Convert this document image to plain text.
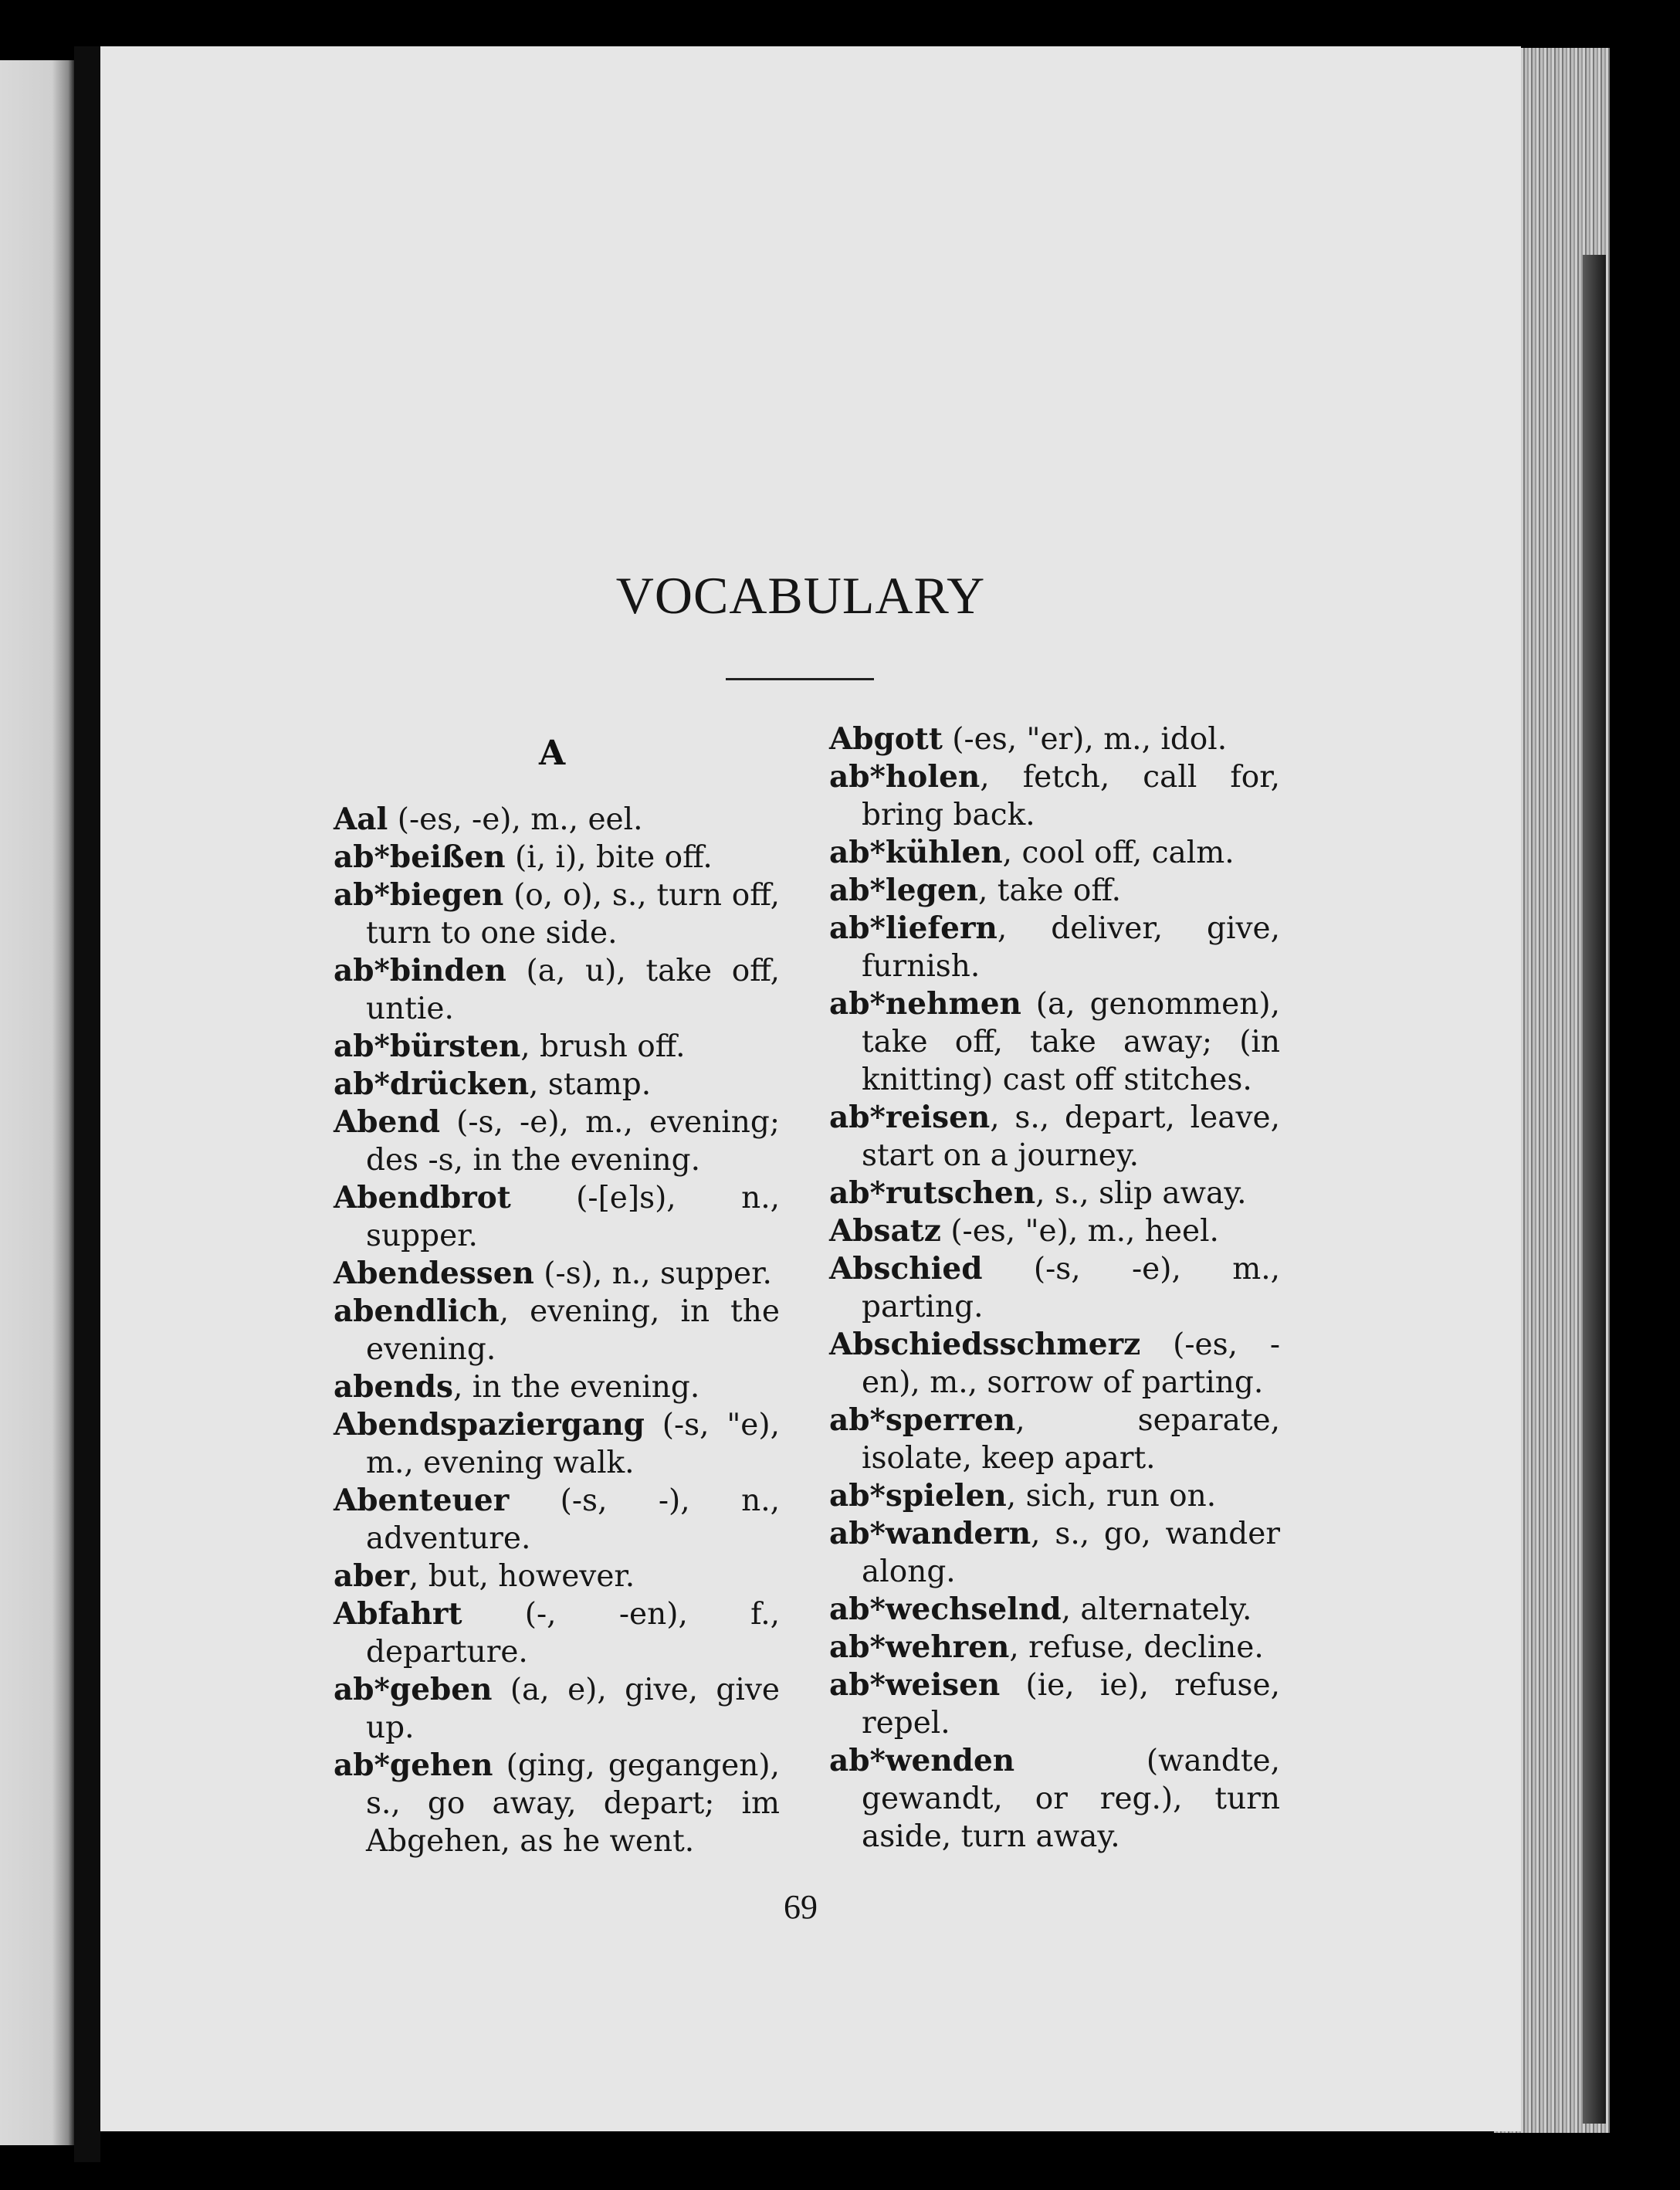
VOCABULARY
A

Aal (-es, -e), m., eel.

ab*beißen (i, i), bite off.

ab*biegen (o, o), s., turn off, turn to one side.

ab*binden (a, u), take off, untie.

ab*bürsten, brush off.

ab*drücken, stamp.

Abend (-s, -e), m., evening; des -s, in the evening.

Abendbrot (-[e]s), n., supper.

Abendessen (-s), n., supper.

abendlich, evening, in the evening.

abends, in the evening.

Abendspaziergang (-s, "e), m., evening walk.

Abenteuer (-s, -), n., adventure.

aber, but, however.

Abfahrt (-, -en), f., departure.

ab*geben (a, e), give, give up.

ab*gehen (ging, gegangen), s., go away, depart; im Abgehen, as he went.

Abgott (-es, "er), m., idol.

ab*holen, fetch, call for, bring back.

ab*kühlen, cool off, calm.

ab*legen, take off.

ab*liefern, deliver, give, furnish.

ab*nehmen (a, genommen), take off, take away; (in knitting) cast off stitches.

ab*reisen, s., depart, leave, start on a journey.

ab*rutschen, s., slip away.

Absatz (-es, "e), m., heel.

Abschied (-s, -e), m., parting.

Abschiedsschmerz (-es, -en), m., sorrow of parting.

ab*sperren, separate, isolate, keep apart.

ab*spielen, sich, run on.

ab*wandern, s., go, wander along.

ab*wechselnd, alternately.

ab*wehren, refuse, decline.

ab*weisen (ie, ie), refuse, repel.

ab*wenden (wandte, gewandt, or reg.), turn aside, turn away.

69
